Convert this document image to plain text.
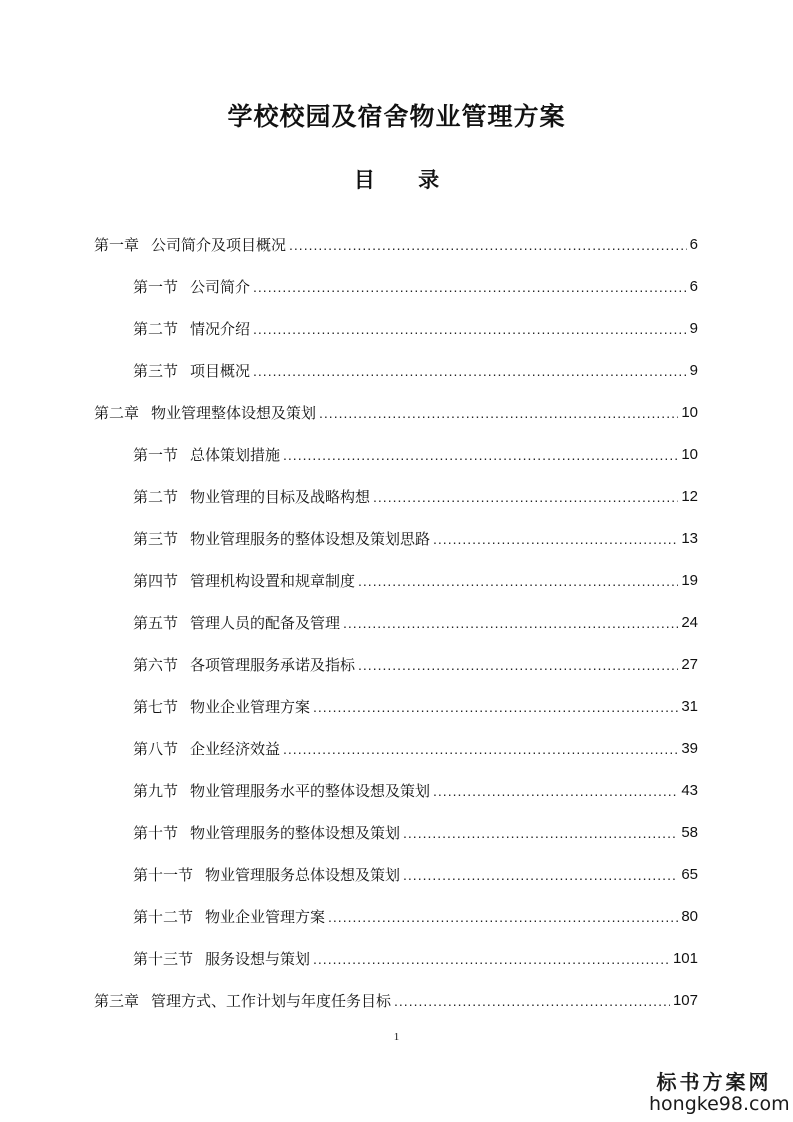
学校校园及宿舍物业管理方案
目 录
第一章 公司简介及项目概况 .....	6
第一节 公司简介 .....	6
第二节 情况介绍 .....	9
第三节 项目概况 .....	9
第二章 物业管理整体设想及策划 .....	10
第一节 总体策划措施 .....	10
第二节 物业管理的目标及战略构想 .....	12
第三节 物业管理服务的整体设想及策划思路 .....	13
第四节 管理机构设置和规章制度 .....	19
第五节 管理人员的配备及管理 .....	24
第六节 各项管理服务承诺及指标 .....	27
第七节 物业企业管理方案 .....	31
第八节 企业经济效益 .....	39
第九节 物业管理服务水平的整体设想及策划 .....	43
第十节 物业管理服务的整体设想及策划 .....	58
第十一节 物业管理服务总体设想及策划 .....	65
第十二节 物业企业管理方案 .....	80
第十三节 服务设想与策划 .....	101
第三章 管理方式、工作计划与年度任务目标 .....	107
1
标书方案网
hongke98.com
